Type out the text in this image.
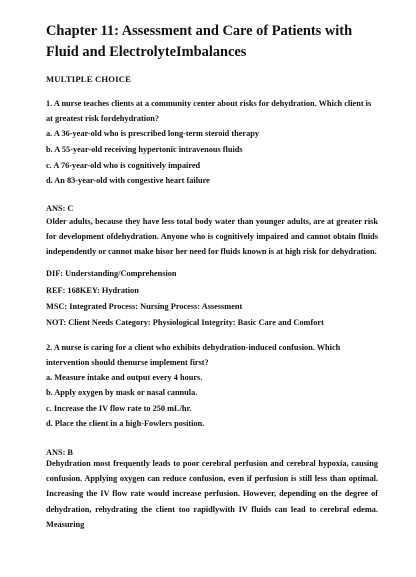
Chapter 11: Assessment and Care of Patients with Fluid and ElectrolyteImbalances
MULTIPLE CHOICE
1. A nurse teaches clients at a community center about risks for dehydration. Which client is at greatest risk fordehydration?
a. A 36-year-old who is prescribed long-term steroid therapy
b. A 55-year-old receiving hypertonic intravenous fluids
c. A 76-year-old who is cognitively impaired
d. An 83-year-old with congestive heart failure
ANS: C
Older adults, because they have less total body water than younger adults, are at greater risk for development ofdehydration. Anyone who is cognitively impaired and cannot obtain fluids independently or cannot make hisor her need for fluids known is at high risk for dehydration.
DIF: Understanding/Comprehension
REF: 168KEY: Hydration
MSC: Integrated Process: Nursing Process: Assessment
NOT: Client Needs Category: Physiological Integrity: Basic Care and Comfort
2. A nurse is caring for a client who exhibits dehydration-induced confusion. Which intervention should thenurse implement first?
a. Measure intake and output every 4 hours.
b. Apply oxygen by mask or nasal cannula.
c. Increase the IV flow rate to 250 mL/hr.
d. Place the client in a high-Fowlers position.
ANS: B
Dehydration most frequently leads to poor cerebral perfusion and cerebral hypoxia, causing confusion. Applying oxygen can reduce confusion, even if perfusion is still less than optimal. Increasing the IV flow rate would increase perfusion. However, depending on the degree of dehydration, rehydrating the client too rapidlywith IV fluids can lead to cerebral edema. Measuring
